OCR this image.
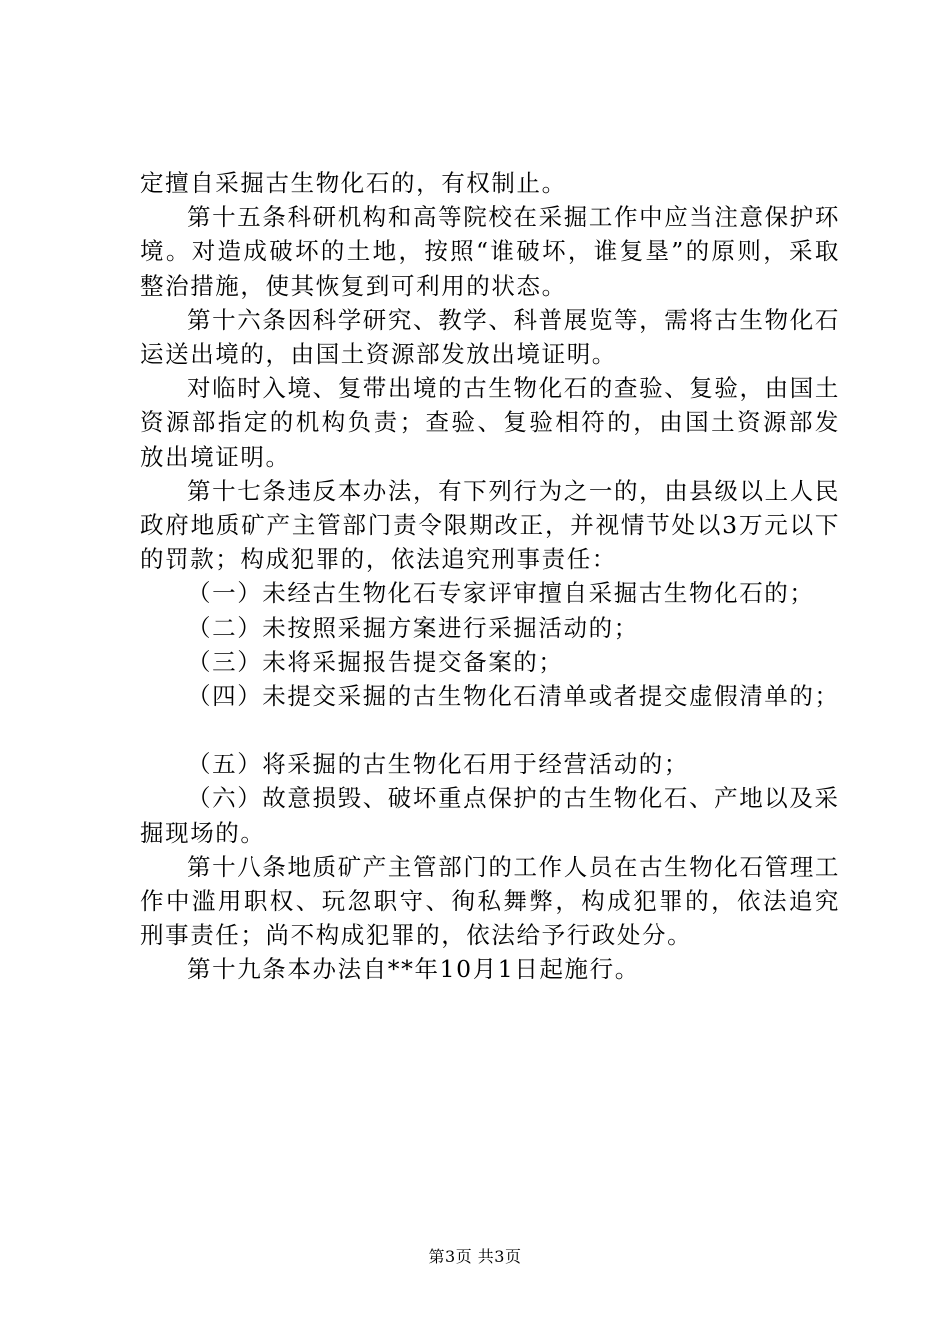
定擅自采掘古生物化石的，有权制止。

第十五条科研机构和高等院校在采掘工作中应当注意保护环境。对造成破坏的土地，按照“谁破坏，谁复垦”的原则，采取整治措施，使其恢复到可利用的状态。

第十六条因科学研究、教学、科普展览等，需将古生物化石运送出境的，由国土资源部发放出境证明。

对临时入境、复带出境的古生物化石的查验、复验，由国土资源部指定的机构负责；查验、复验相符的，由国土资源部发放出境证明。

第十七条违反本办法，有下列行为之一的，由县级以上人民政府地质矿产主管部门责令限期改正，并视情节处以3万元以下的罚款；构成犯罪的，依法追究刑事责任：

（一）未经古生物化石专家评审擅自采掘古生物化石的；

（二）未按照采掘方案进行采掘活动的；

（三）未将采掘报告提交备案的；

（四）未提交采掘的古生物化石清单或者提交虚假清单的；

（五）将采掘的古生物化石用于经营活动的；

（六）故意损毁、破坏重点保护的古生物化石、产地以及采掘现场的。

第十八条地质矿产主管部门的工作人员在古生物化石管理工作中滥用职权、玩忽职守、徇私舞弊，构成犯罪的，依法追究刑事责任；尚不构成犯罪的，依法给予行政处分。

第十九条本办法自**年10月1日起施行。

第3页 共3页
